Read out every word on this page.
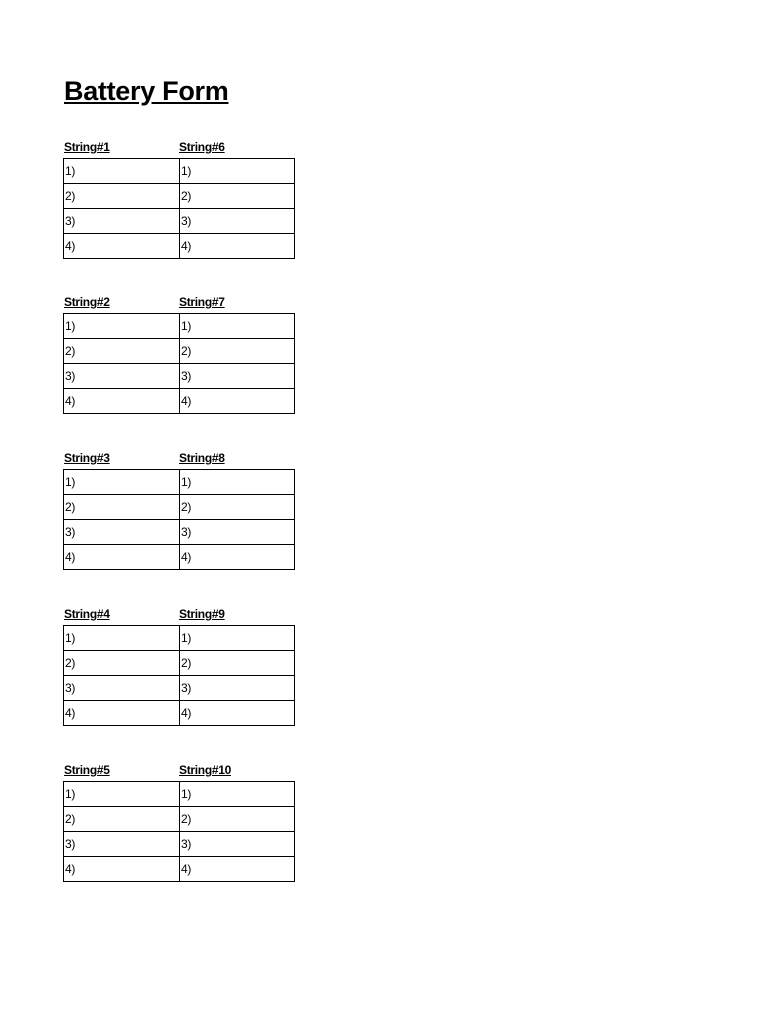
Battery Form
String#1	String#6
1)	1)
2)	2)
3)	3)
4)	4)
String#2	String#7
1)	1)
2)	2)
3)	3)
4)	4)
String#3	String#8
1)	1)
2)	2)
3)	3)
4)	4)
String#4	String#9
1)	1)
2)	2)
3)	3)
4)	4)
String#5	String#10
1)	1)
2)	2)
3)	3)
4)	4)
